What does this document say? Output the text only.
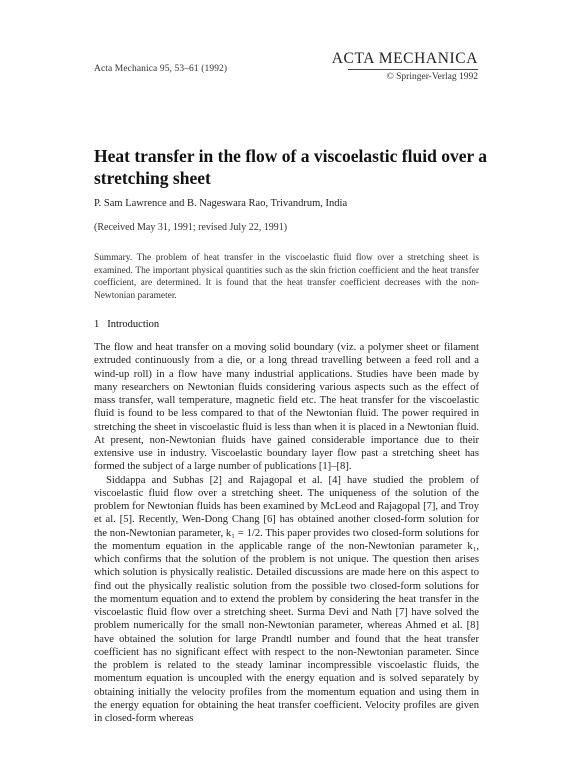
Acta Mechanica 95, 53–61 (1992)
ACTA MECHANICA
© Springer-Verlag 1992
Heat transfer in the flow of a viscoelastic fluid over a stretching sheet
P. Sam Lawrence and B. Nageswara Rao, Trivandrum, India
(Received May 31, 1991; revised July 22, 1991)
Summary. The problem of heat transfer in the viscoelastic fluid flow over a stretching sheet is examined. The important physical quantities such as the skin friction coefficient and the heat transfer coefficient, are determined. It is found that the heat transfer coefficient decreases with the non-Newtonian parameter.
1 Introduction

The flow and heat transfer on a moving solid boundary (viz. a polymer sheet or filament extruded continuously from a die, or a long thread travelling between a feed roll and a wind-up roll) in a flow have many industrial applications. Studies have been made by many researchers on Newtonian fluids considering various aspects such as the effect of mass transfer, wall temperature, magnetic field etc. The heat transfer for the viscoelastic fluid is found to be less compared to that of the Newtonian fluid. The power required in stretching the sheet in viscoelastic fluid is less than when it is placed in a Newtonian fluid. At present, non-Newtonian fluids have gained considerable importance due to their extensive use in industry. Viscoelastic boundary layer flow past a stretching sheet has formed the subject of a large number of publications [1]–[8].

Siddappa and Subhas [2] and Rajagopal et al. [4] have studied the problem of viscoelastic fluid flow over a stretching sheet. The uniqueness of the solution of the problem for Newtonian fluids has been examined by McLeod and Rajagopal [7], and Troy et al. [5]. Recently, Wen-Dong Chang [6] has obtained another closed-form solution for the non-Newtonian parameter, k₁ = 1/2. This paper provides two closed-form solutions for the momentum equation in the applicable range of the non-Newtonian parameter k₁, which confirms that the solution of the problem is not unique. The question then arises which solution is physically realistic. Detailed discussions are made here on this aspect to find out the physically realistic solution from the possible two closed-form solutions for the momentum equation and to extend the problem by considering the heat transfer in the viscoelastic fluid flow over a stretching sheet. Surma Devi and Nath [7] have solved the problem numerically for the small non-Newtonian parameter, whereas Ahmed et al. [8] have obtained the solution for large Prandtl number and found that the heat transfer coefficient has no significant effect with respect to the non-Newtonian parameter. Since the problem is related to the steady laminar incompressible viscoelastic fluids, the momentum equation is uncoupled with the energy equation and is solved separately by obtaining initially the velocity profiles from the momentum equation and using them in the energy equation for obtaining the heat transfer coefficient. Velocity profiles are given in closed-form whereas
